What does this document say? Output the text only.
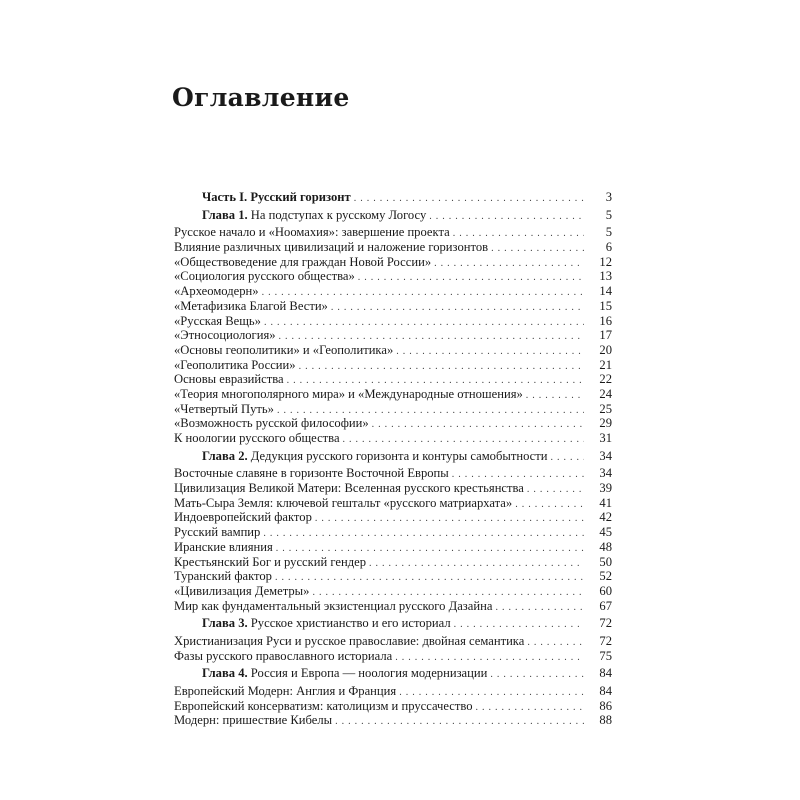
Оглавление
Часть I. Русский горизонт . . .	3
Глава 1. На подступах к русскому Логосу . . .	5
Русское начало и «Ноомахия»: завершение проекта . . .	5
Влияние различных цивилизаций и наложение горизонтов . . .	6
«Обществоведение для граждан Новой России» . . .	12
«Социология русского общества» . . .	13
«Археомодерн» . . .	14
«Метафизика Благой Вести» . . .	15
«Русская Вещь» . . .	16
«Этносоциология» . . .	17
«Основы геополитики» и «Геополитика» . . .	20
«Геополитика России» . . .	21
Основы евразийства . . .	22
«Теория многополярного мира» и «Международные отношения» . . .	24
«Четвертый Путь» . . .	25
«Возможность русской философии» . . .	29
К ноологии русского общества . . .	31
Глава 2. Дедукция русского горизонта и контуры самобытности . . .	34
Восточные славяне в горизонте Восточной Европы . . .	34
Цивилизация Великой Матери: Вселенная русского крестьянства . . .	39
Мать-Сыра Земля: ключевой гештальт «русского матриархата» . . .	41
Индоевропейский фактор . . .	42
Русский вампир . . .	45
Иранские влияния . . .	48
Крестьянский Бог и русский гендер . . .	50
Туранский фактор . . .	52
«Цивилизация Деметры» . . .	60
Мир как фундаментальный экзистенциал русского Дазайна . . .	67
Глава 3. Русское христианство и его историал . . .	72
Христианизация Руси и русское православие: двойная семантика . . .	72
Фазы русского православного историала . . .	75
Глава 4. Россия и Европа — ноология модернизации . . .	84
Европейский Модерн: Англия и Франция . . .	84
Европейский консерватизм: католицизм и пруссачество . . .	86
Модерн: пришествие Кибелы . . .	88
